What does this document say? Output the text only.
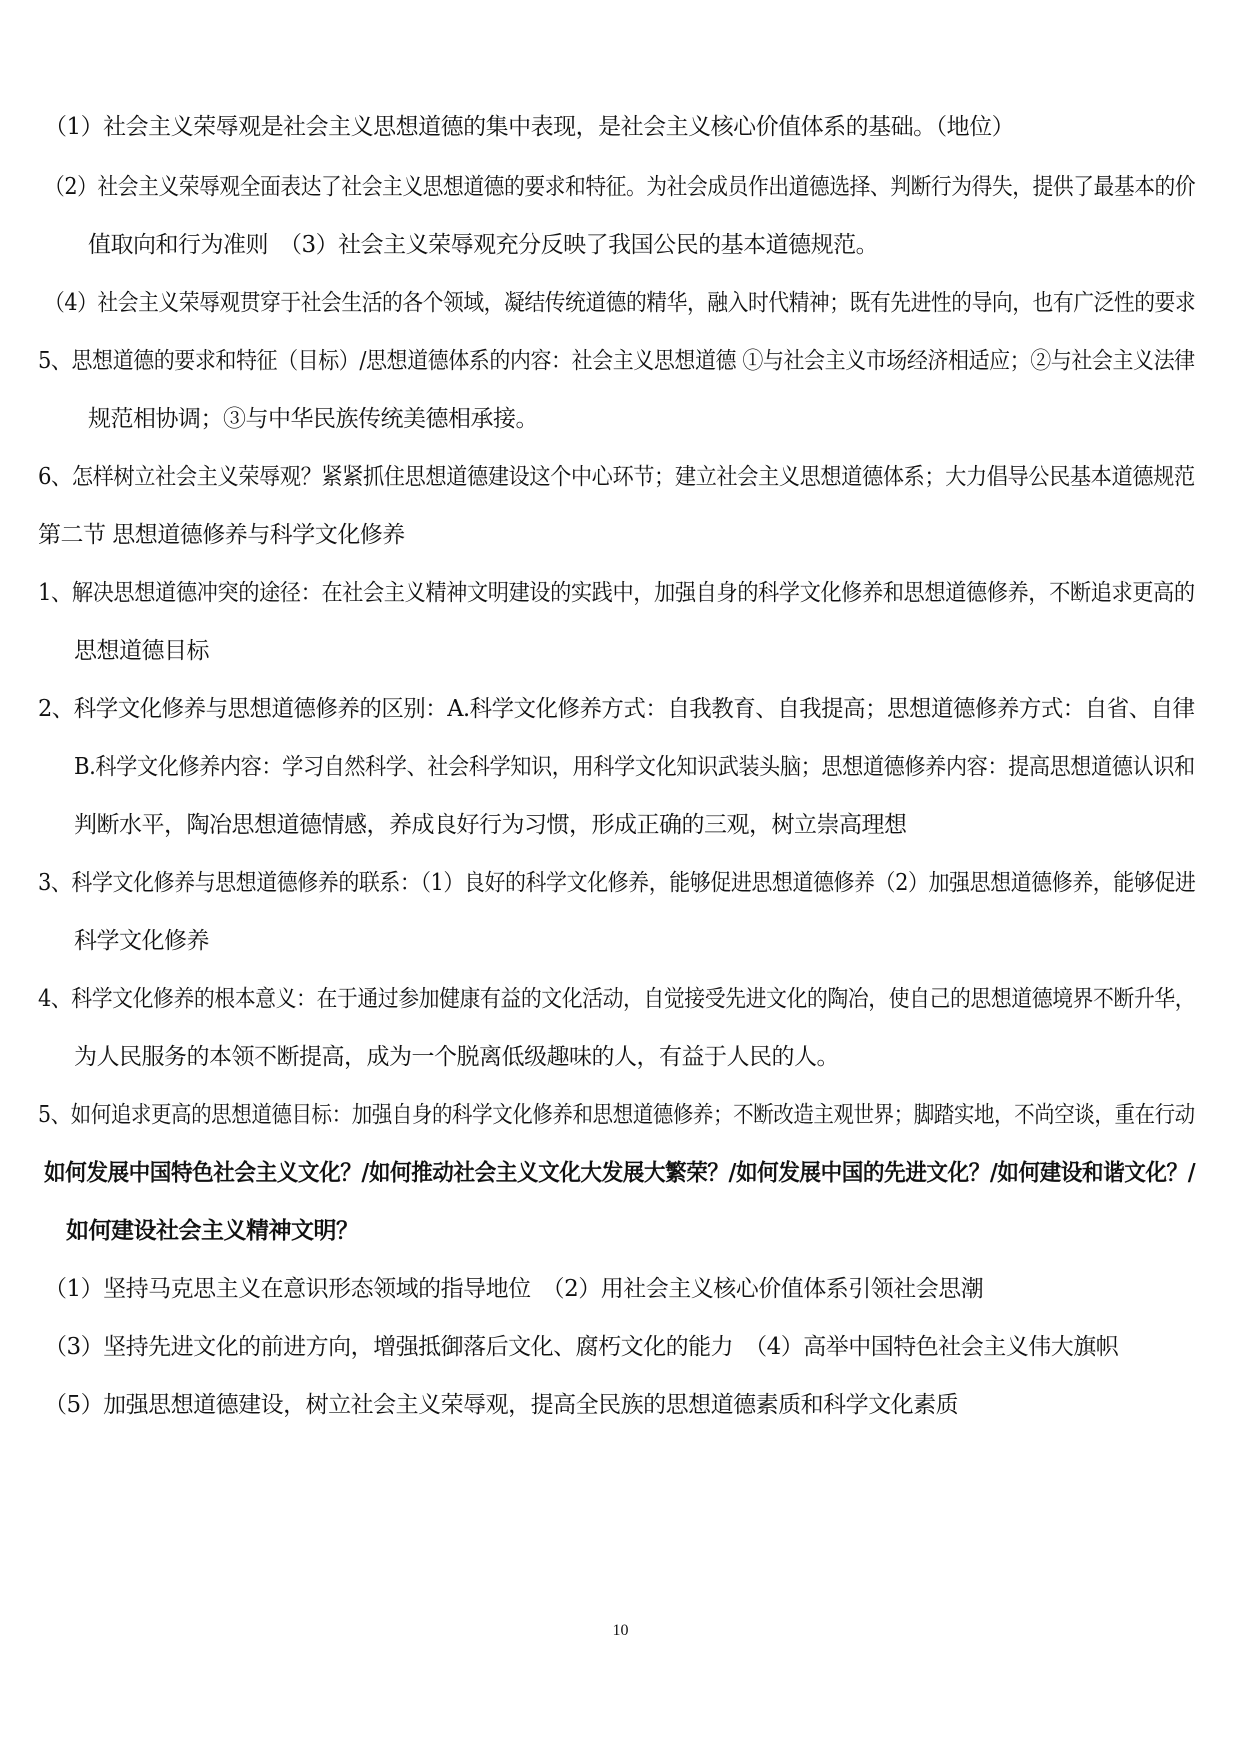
（1）社会主义荣辱观是社会主义思想道德的集中表现，是社会主义核心价值体系的基础。（地位）
（2）社会主义荣辱观全面表达了社会主义思想道德的要求和特征。为社会成员作出道德选择、判断行为得失，提供了最基本的价
值取向和行为准则　（3）社会主义荣辱观充分反映了我国公民的基本道德规范。
（4）社会主义荣辱观贯穿于社会生活的各个领域，凝结传统道德的精华，融入时代精神；既有先进性的导向，也有广泛性的要求
5、思想道德的要求和特征（目标）/思想道德体系的内容：社会主义思想道德 ①与社会主义市场经济相适应；②与社会主义法律
规范相协调；③与中华民族传统美德相承接。
6、怎样树立社会主义荣辱观？紧紧抓住思想道德建设这个中心环节；建立社会主义思想道德体系；大力倡导公民基本道德规范
第二节 思想道德修养与科学文化修养
1、解决思想道德冲突的途径：在社会主义精神文明建设的实践中，加强自身的科学文化修养和思想道德修养，不断追求更高的
思想道德目标
2、科学文化修养与思想道德修养的区别：A.科学文化修养方式：自我教育、自我提高；思想道德修养方式：自省、自律
B.科学文化修养内容：学习自然科学、社会科学知识，用科学文化知识武装头脑；思想道德修养内容：提高思想道德认识和
判断水平，陶冶思想道德情感，养成良好行为习惯，形成正确的三观，树立崇高理想
3、科学文化修养与思想道德修养的联系：（1）良好的科学文化修养，能够促进思想道德修养（2）加强思想道德修养，能够促进
科学文化修养
4、科学文化修养的根本意义：在于通过参加健康有益的文化活动，自觉接受先进文化的陶冶，使自己的思想道德境界不断升华，
为人民服务的本领不断提高，成为一个脱离低级趣味的人，有益于人民的人。
5、如何追求更高的思想道德目标：加强自身的科学文化修养和思想道德修养；不断改造主观世界；脚踏实地，不尚空谈，重在行动
如何发展中国特色社会主义文化？/如何推动社会主义文化大发展大繁荣？/如何发展中国的先进文化？/如何建设和谐文化？/
如何建设社会主义精神文明？
（1）坚持马克思主义在意识形态领域的指导地位　（2）用社会主义核心价值体系引领社会思潮
（3）坚持先进文化的前进方向，增强抵御落后文化、腐朽文化的能力　（4）高举中国特色社会主义伟大旗帜
（5）加强思想道德建设，树立社会主义荣辱观，提高全民族的思想道德素质和科学文化素质
10
